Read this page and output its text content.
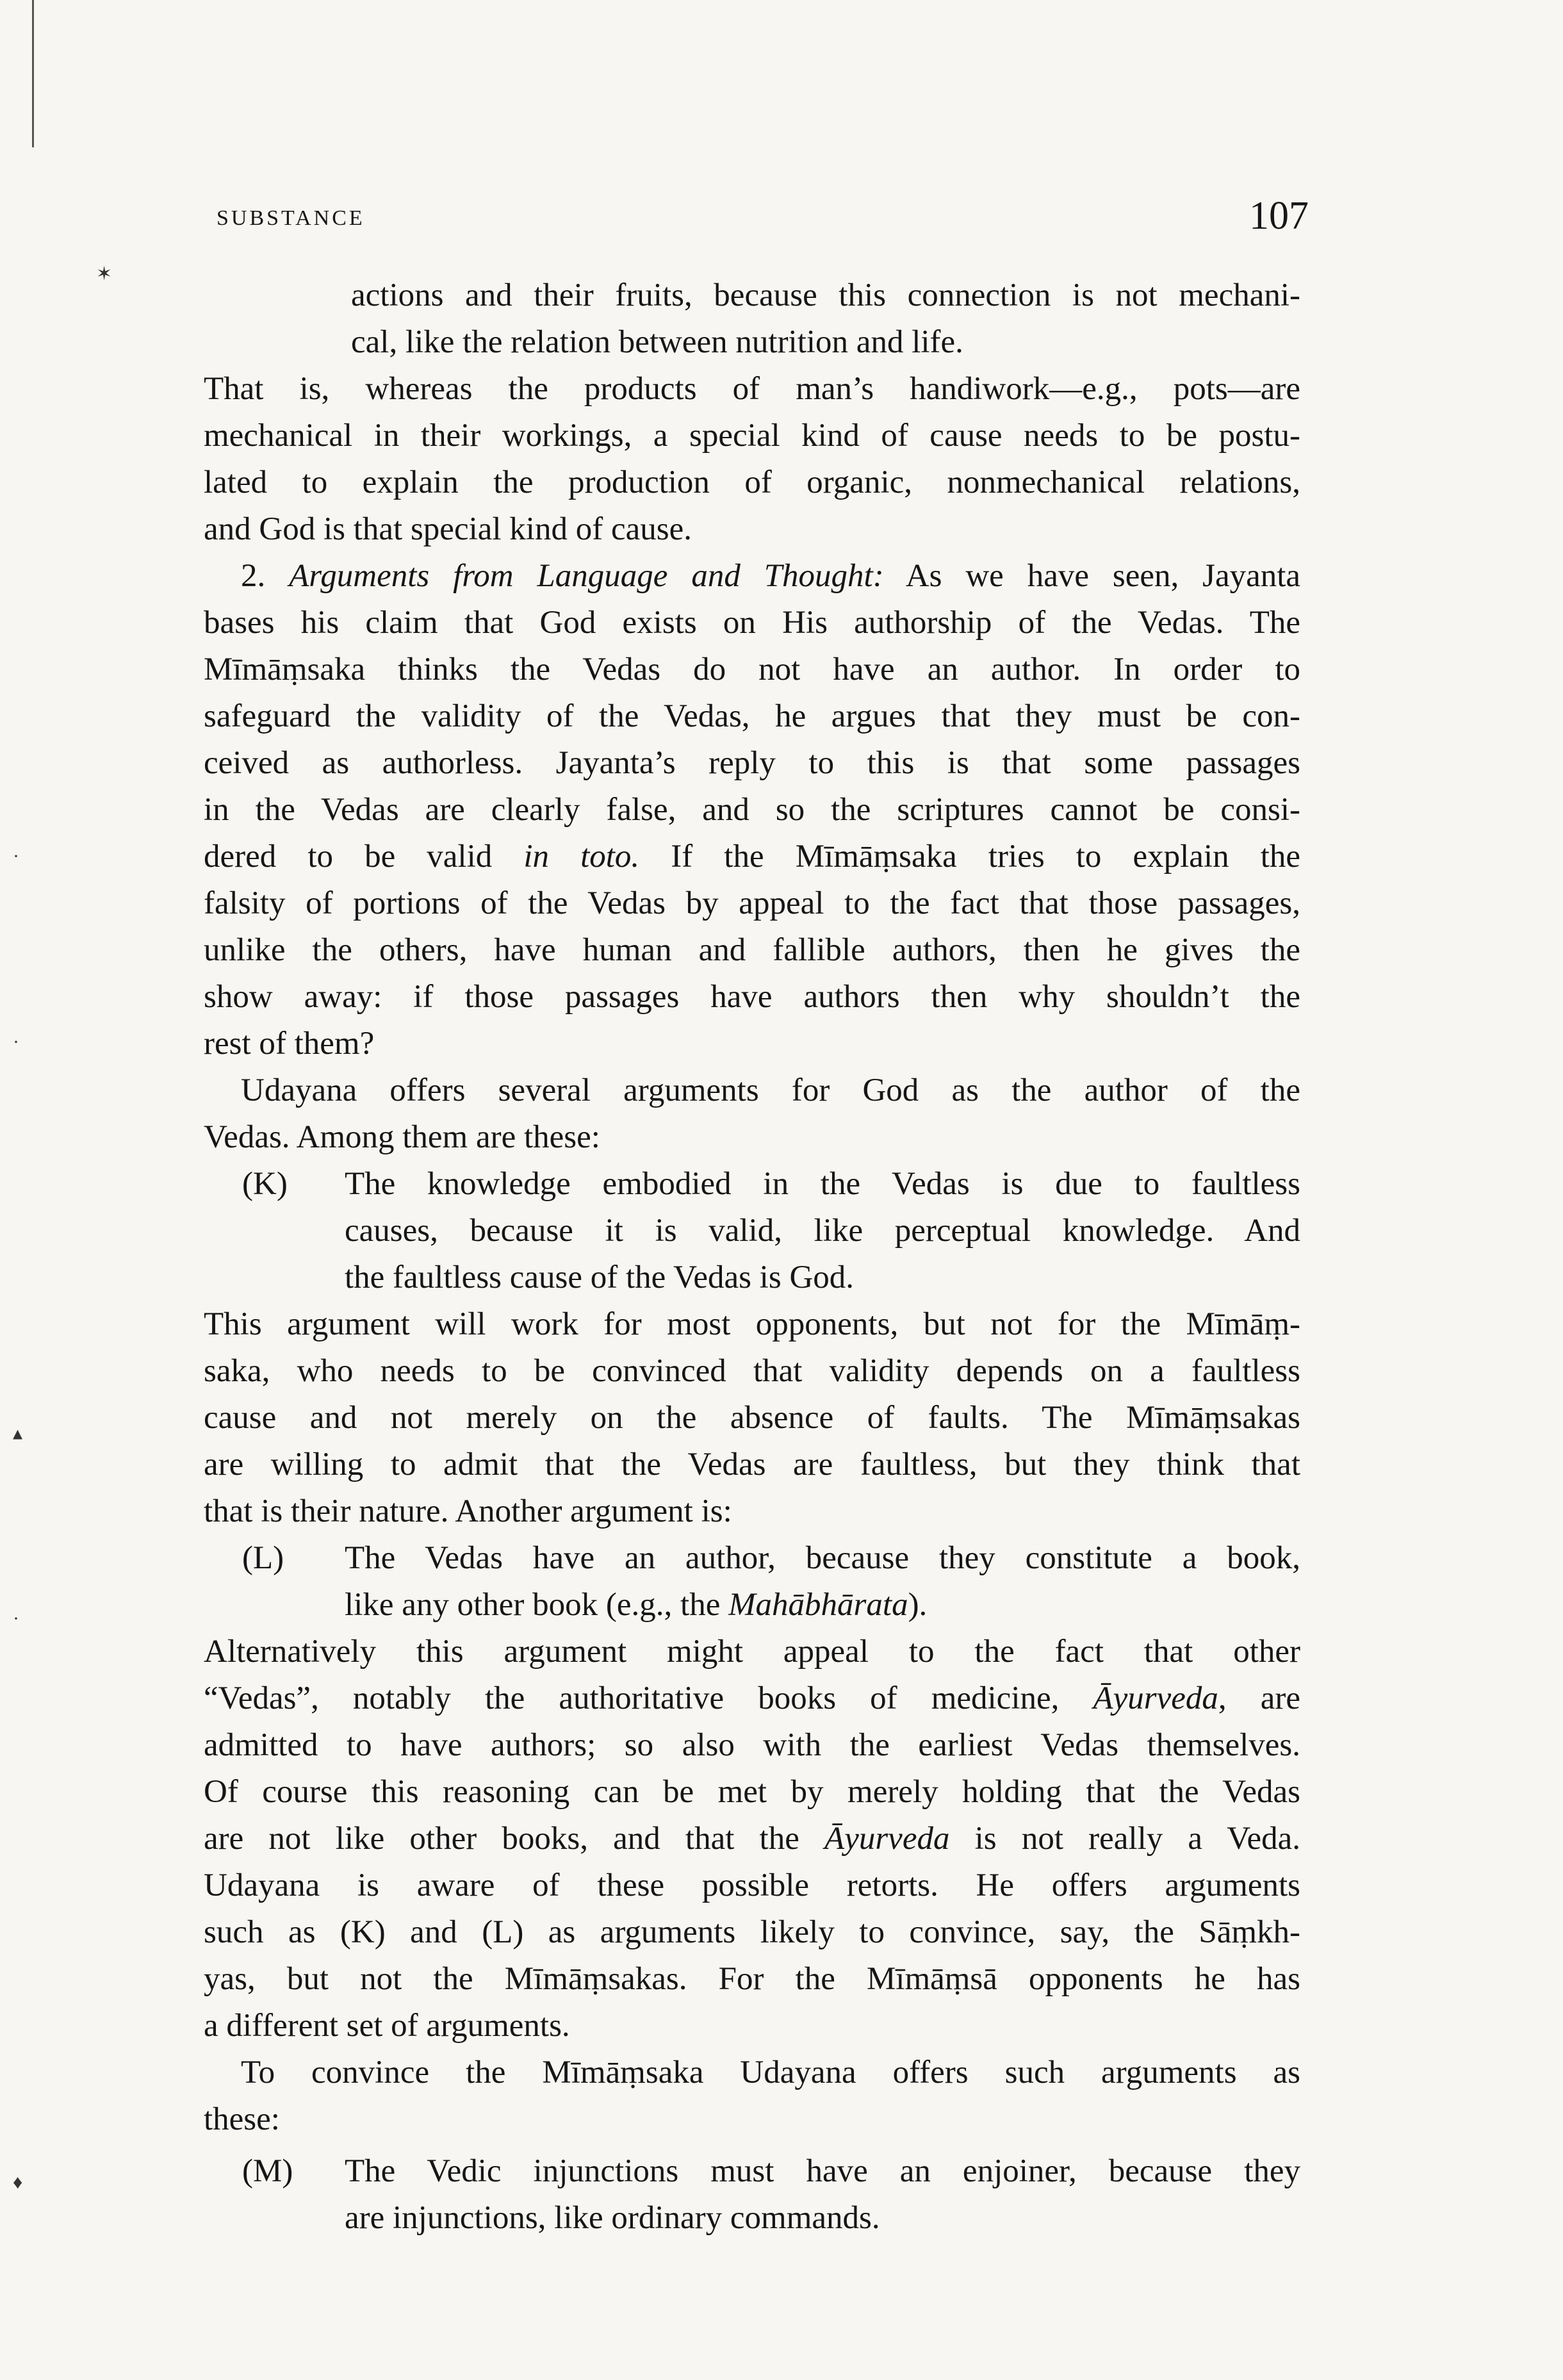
✶
·
·
▴
·
♦
SUBSTANCE	107
actions and their fruits, because this connection is not mechani-
cal, like the relation between nutrition and life.
That is, whereas the products of man’s handiwork—e.g., pots—are
mechanical in their workings, a special kind of cause needs to be postu-
lated to explain the production of organic, nonmechanical relations,
and God is that special kind of cause.
2. Arguments from Language and Thought: As we have seen, Jayanta
bases his claim that God exists on His authorship of the Vedas. The
Mīmāṃsaka thinks the Vedas do not have an author. In order to
safeguard the validity of the Vedas, he argues that they must be con-
ceived as authorless. Jayanta’s reply to this is that some passages
in the Vedas are clearly false, and so the scriptures cannot be consi-
dered to be valid in toto. If the Mīmāṃsaka tries to explain the
falsity of portions of the Vedas by appeal to the fact that those passages,
unlike the others, have human and fallible authors, then he gives the
show away: if those passages have authors then why shouldn’t the
rest of them?
Udayana offers several arguments for God as the author of the
Vedas. Among them are these:
(K) The knowledge embodied in the Vedas is due to faultless
causes, because it is valid, like perceptual knowledge. And
the faultless cause of the Vedas is God.
This argument will work for most opponents, but not for the Mīmāṃ-
saka, who needs to be convinced that validity depends on a faultless
cause and not merely on the absence of faults. The Mīmāṃsakas
are willing to admit that the Vedas are faultless, but they think that
that is their nature. Another argument is:
(L) The Vedas have an author, because they constitute a book,
like any other book (e.g., the Mahābhārata).
Alternatively this argument might appeal to the fact that other
“Vedas”, notably the authoritative books of medicine, Āyurveda, are
admitted to have authors; so also with the earliest Vedas themselves.
Of course this reasoning can be met by merely holding that the Vedas
are not like other books, and that the Āyurveda is not really a Veda.
Udayana is aware of these possible retorts. He offers arguments
such as (K) and (L) as arguments likely to convince, say, the Sāṃkh-
yas, but not the Mīmāṃsakas. For the Mīmāṃsā opponents he has
a different set of arguments.
To convince the Mīmāṃsaka Udayana offers such arguments as
these:
(M) The Vedic injunctions must have an enjoiner, because they
are injunctions, like ordinary commands.
